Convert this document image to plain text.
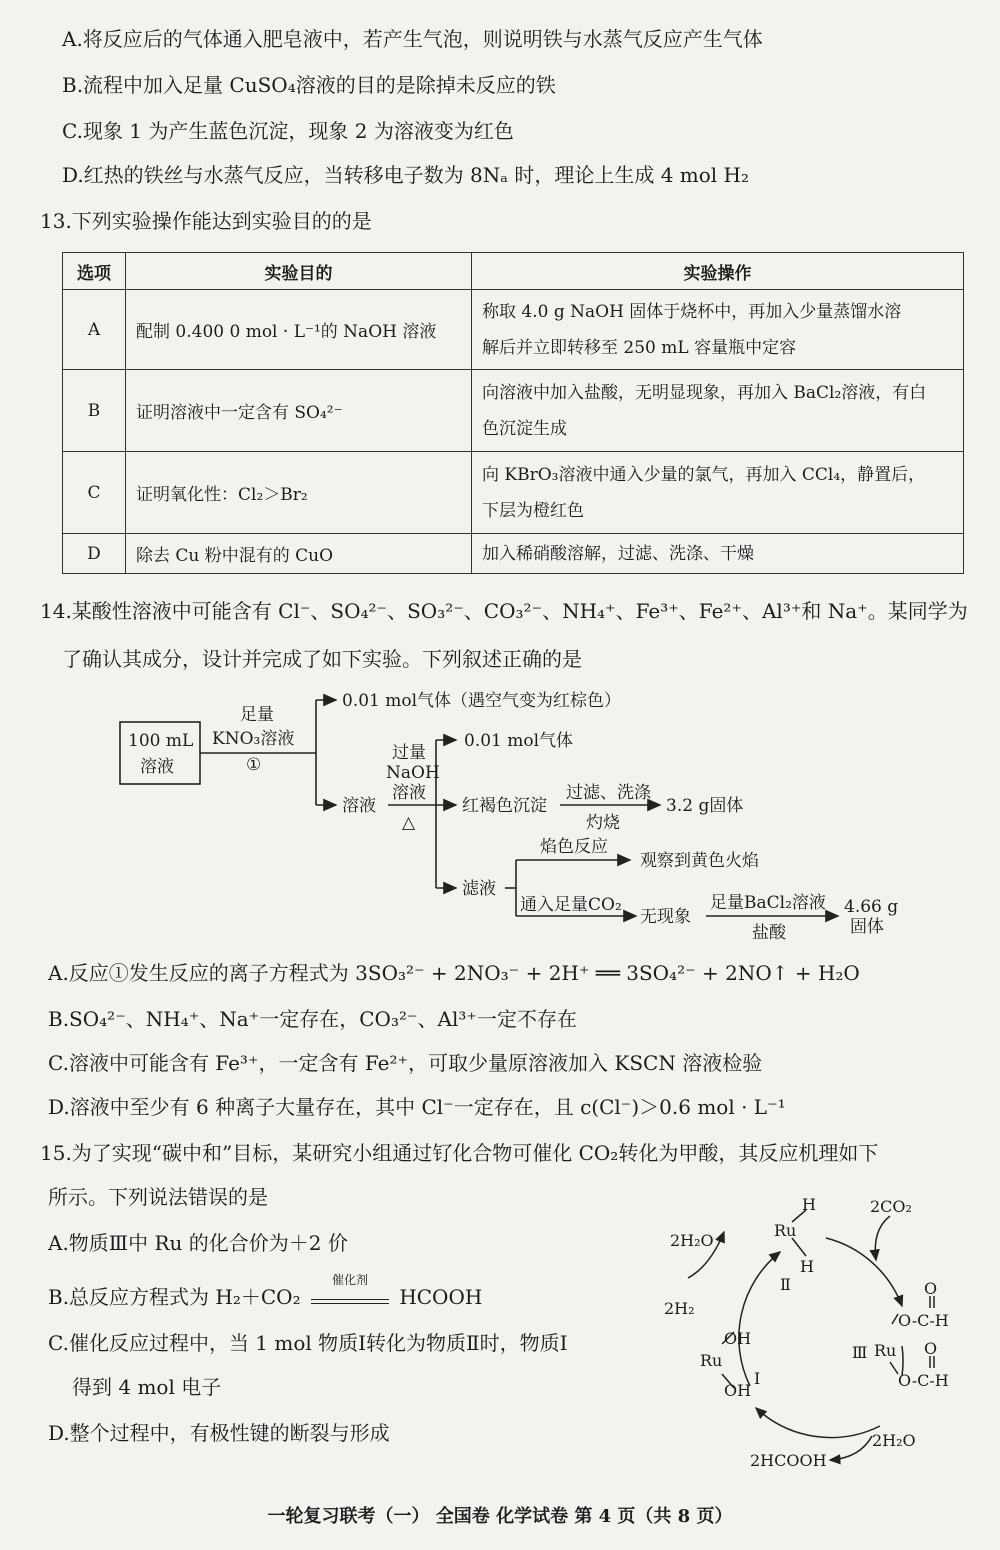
A.将反应后的气体通入肥皂液中，若产生气泡，则说明铁与水蒸气反应产生气体
B.流程中加入足量 CuSO₄溶液的目的是除掉未反应的铁
C.现象 1 为产生蓝色沉淀，现象 2 为溶液变为红色
D.红热的铁丝与水蒸气反应，当转移电子数为 8Nₐ 时，理论上生成 4 mol H₂
13.下列实验操作能达到实验目的的是
选项	实验目的	实验操作
A	配制 0.400 0 mol · L⁻¹的 NaOH 溶液	称取 4.0 g NaOH 固体于烧杯中，再加入少量蒸馏水溶
解后并立即转移至 250 mL 容量瓶中定容
B	证明溶液中一定含有 SO₄²⁻	向溶液中加入盐酸，无明显现象，再加入 BaCl₂溶液，有白
色沉淀生成
C	证明氧化性：Cl₂＞Br₂	向 KBrO₃溶液中通入少量的氯气，再加入 CCl₄，静置后，
下层为橙红色
D	除去 Cu 粉中混有的 CuO	加入稀硝酸溶解，过滤、洗涤、干燥
14.某酸性溶液中可能含有 Cl⁻、SO₄²⁻、SO₃²⁻、CO₃²⁻、NH₄⁺、Fe³⁺、Fe²⁺、Al³⁺和 Na⁺。某同学为
了确认其成分，设计并完成了如下实验。下列叙述正确的是
100 mL
溶液
足量
KNO₃溶液
①
0.01 mol气体（遇空气变为红棕色）
溶液
过量
NaOH
溶液
△
0.01 mol气体
红褐色沉淀
过滤、洗涤
灼烧
3.2 g固体
滤液
焰色反应
观察到黄色火焰
通入足量CO₂
无现象
足量BaCl₂溶液
盐酸
4.66 g
固体
A.反应①发生反应的离子方程式为 3SO₃²⁻ + 2NO₃⁻ + 2H⁺ ══ 3SO₄²⁻ + 2NO↑ + H₂O
B.SO₄²⁻、NH₄⁺、Na⁺一定存在，CO₃²⁻、Al³⁺一定不存在
C.溶液中可能含有 Fe³⁺，一定含有 Fe²⁺，可取少量原溶液加入 KSCN 溶液检验
D.溶液中至少有 6 种离子大量存在，其中 Cl⁻一定存在，且 c(Cl⁻)＞0.6 mol · L⁻¹
15.为了实现“碳中和”目标，某研究小组通过钌化合物可催化 CO₂转化为甲酸，其反应机理如下
所示。下列说法错误的是
A.物质Ⅲ中 Ru 的化合价为＋2 价
B.总反应方程式为 H₂＋CO₂
催化剂
HCOOH
C.催化反应过程中，当 1 mol 物质Ⅰ转化为物质Ⅱ时，物质Ⅰ
得到 4 mol 电子
D.整个过程中，有极性键的断裂与形成
2H₂O
2H₂
2CO₂
Ru
H
H
Ⅱ
Ru
OH
OH
Ⅰ
Ⅲ Ru
O
O-C-H
O
O-C-H
2H₂O
2HCOOH
一轮复习联考（一） 全国卷 化学试卷 第 4 页（共 8 页）
